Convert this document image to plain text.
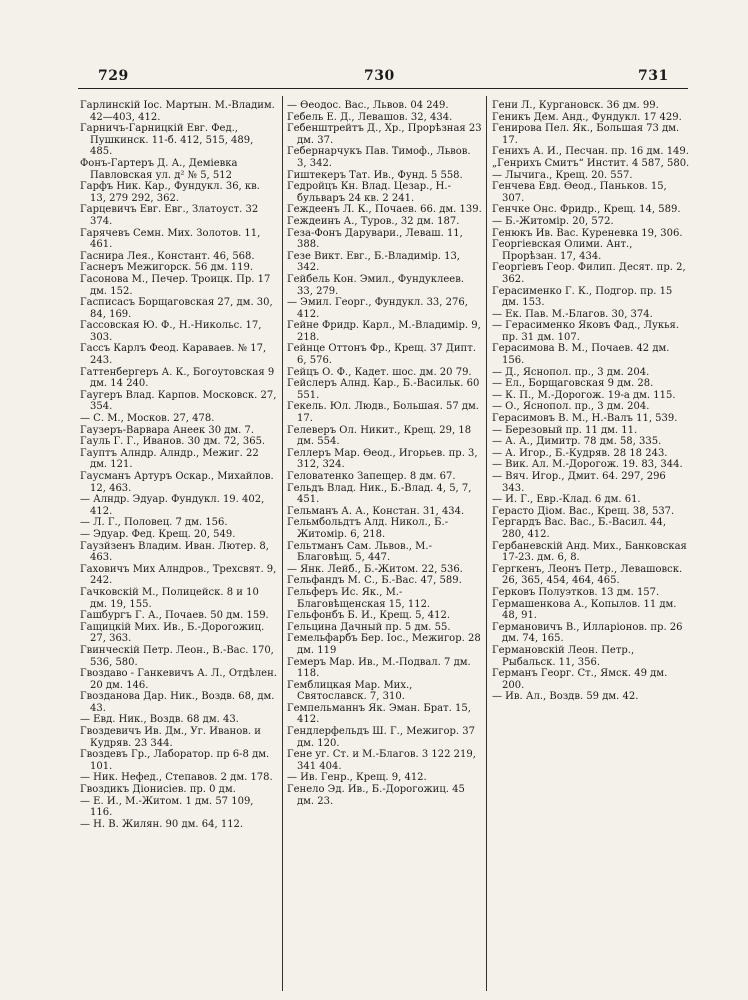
729	730	731

Гарлинскій Іос. Мартын. М.-Владим. 42—403, 412.

Гарничъ-Гарницкій Евг. Фед., Пушкинск. 11-б. 412, 515, 489, 485.

Фонъ-Гартеръ Д. А., Деміевка Павловская ул. д² № 5, 512

Гарфъ Ник. Кар., Фундукл. 36, кв. 13, 279 292, 362.

Гарцевичъ Евг. Евг., Златоуст. 32 374.

Гарячевъ Семн. Мих. Золотов. 11, 461.

Гаснира Лея., Констант. 46, 568.

Гаснеръ Межигорск. 56 дм. 119.

Гасонова М., Печер. Троицк. Пр. 17 дм. 152.

Гасписасъ Борщаговская 27, дм. 30, 84, 169.

Гассовская Ю. Ф., Н.-Никольс. 17, 303.

Гассъ Карлъ Феод. Караваев. № 17, 243.

Гаттенбергеръ А. К., Богоутовская 9 дм. 14 240.

Гаугеръ Влад. Карпов. Московск. 27, 354.

— С. М., Москов. 27, 478.

Гаузеръ-Варвара Анеек 30 дм. 7.

Гауль Г. Г., Иванов. 30 дм. 72, 365.

Гауптъ Алндр. Алндр., Межиг. 22 дм. 121.

Гаусманъ Артуръ Оскар., Михайлов. 12, 463.

— Алндр. Эдуар. Фундукл. 19. 402, 412.

— Л. Г., Половец. 7 дм. 156.

— Эдуар. Фед. Крещ. 20, 549.

Гаузйзенъ Владим. Иван. Лютер. 8, 463.

Гаховичъ Мих Алндров., Трехсвят. 9, 242.

Гачковскій М., Полицейск. 8 и 10 дм. 19, 155.

Гашбургъ Г. А., Почаев. 50 дм. 159.

Гащицкій Мих. Ив., Б.-Дорогожиц. 27, 363.

Гвинческій Петр. Леон., В.-Вас. 170, 536, 580.

Гвоздаво - Ганкевичъ А. Л., Отдѣлен. 20 дм. 146.

Гвозданова Дар. Ник., Воздв. 68, дм. 43.

— Евд. Ник., Воздв. 68 дм. 43.

Гвоздевичъ Ив. Дм., Уг. Иванов. и Кудряв. 23 344.

Гвоздевъ Гр., Лаборатор. пр 6-8 дм. 101.

— Ник. Нефед., Степавов. 2 дм. 178.

Гвоздикъ Діонисіев. пр. 0 дм.

— Е. И., М.-Житом. 1 дм. 57 109, 116.

— Н. В. Жилян. 90 дм. 64, 112.

— Ѳеодос. Вас., Львов. 04 249.

Гебель Е. Д., Левашов. 32, 434.

Гебенштрейтъ Д., Хр., Прорѣзная 23 дм. 37.

Гебернарчукъ Пав. Тимоф., Львов. 3, 342.

Гиштекеръ Тат. Ив., Фунд. 5 558.

Гедройцъ Кн. Влад. Цезар., Н.-бульваръ 24 кв. 2 241.

Геждеенъ Л. К., Почаев. 66. дм. 139.

Геждеинъ А., Туров., 32 дм. 187.

Геза-Фонъ Дарувари., Леваш. 11, 388.

Гезе Викт. Евг., Б.-Владимір. 13, 342.

Гейбель Кон. Эмил., Фундуклеев. 33, 279.

— Эмил. Георг., Фундукл. 33, 276, 412.

Гейне Фридр. Карл., М.-Владимір. 9, 218.

Гейнце Оттонъ Фр., Крещ. 37 Дипт. 6, 576.

Гейцъ О. Ф., Кадет. шос. дм. 20 79.

Гейслеръ Алнд. Кар., Б.-Васильк. 60 551.

Гекель. Юл. Людв., Большая. 57 дм. 17.

Гелеверъ Ол. Никит., Крещ. 29, 18 дм. 554.

Геллеръ Мар. Ѳеод., Игорьев. пр. 3, 312, 324.

Геловатенко Запещер. 8 дм. 67.

Гельдъ Влад. Ник., Б.-Влад. 4, 5, 7, 451.

Гельманъ А. А., Констан. 31, 434.

Гельмбольдтъ Алд. Никол., Б.-Житомір. 6, 218.

Гельтманъ Сам. Львов., М.-Благовѣщ. 5, 447.

— Янк. Лейб., Б.-Житом. 22, 536.

Гельфандъ М. С., Б.-Вас. 47, 589.

Гельферъ Ис. Як., М.-Благовѣщенская 15, 112.

Гельфонбъ Б. И., Крещ. 5, 412.

Гельцина Дачный пр. 5 дм. 55.

Гемельфарбъ Бер. Іос., Межигор. 28 дм. 119

Гемеръ Мар. Ив., М.-Подвал. 7 дм. 118.

Гемблицкая Мар. Мих., Святославск. 7, 310.

Гемпельманнъ Як. Эман. Брат. 15, 412.

Гендлерфельдъ Ш. Г., Межигор. 37 дм. 120.

Гене уг. Ст. и М.-Благов. 3 122 219, 341 404.

— Ив. Генр., Крещ. 9, 412.

Генело Эд. Ив., Б.-Дорогожиц. 45 дм. 23.

Гени Л., Кургановск. 36 дм. 99.

Геникъ Дем. Анд., Фундукл. 17 429.

Генирова Пел. Як., Большая 73 дм. 17.

Генихъ А. И., Песчан. пр. 16 дм. 149.

„Генрихъ Смитъ“ Инстит. 4 587, 580.

— Лычига., Крещ. 20. 557.

Генчева Евд. Ѳеод., Паньков. 15, 307.

Генчке Онс. Фридр., Крещ. 14, 589.

— Б.-Житомір. 20, 572.

Генюкъ Ив. Вас. Куреневка 19, 306.

Георгіевская Олими. Ант., Прорѣзан. 17, 434.

Георгіевъ Геор. Филип. Десят. пр. 2, 362.

Герасименко Г. К., Подгор. пр. 15 дм. 153.

— Ек. Пав. М.-Благов. 30, 374.

— Герасименко Яковъ Фад., Лукья. пр. 31 дм. 107.

Герасимова В. М., Почаев. 42 дм. 156.

— Д., Яснопол. пр., 3 дм. 204.

— Ел., Борщаговская 9 дм. 28.

— К. П., М.-Дорогож. 19-а дм. 115.

— О., Яснопол. пр., 3 дм. 204.

Герасимовъ В. М., Н.-Валъ 11, 539.

— Березовый пр. 11 дм. 11.

— А. А., Димитр. 78 дм. 58, 335.

— А. Игор., Б.-Кудряв. 28 18 243.

— Вик. Ал. М.-Дорогож. 19. 83, 344.

— Вяч. Игор., Дмит. 64. 297, 296 343.

— И. Г., Евр.-Клад. 6 дм. 61.

Герасто Діом. Вас., Крещ. 38, 537.

Гергардъ Вас. Вас., Б.-Васил. 44, 280, 412.

Гербаневскій Анд. Мих., Банковская 17-23. дм. 6, 8.

Гергкенъ, Леонъ Петр., Левашовск. 26, 365, 454, 464, 465.

Герковъ Полуэтков. 13 дм. 157.

Гермашенкова А., Копылов. 11 дм. 48, 91.

Германовичъ В., Илларіонов. пр. 26 дм. 74, 165.

Германовскій Леон. Петр., Рыбальск. 11, 356.

Германъ Георг. Ст., Ямск. 49 дм. 200.

— Ив. Ал., Воздв. 59 дм. 42.
